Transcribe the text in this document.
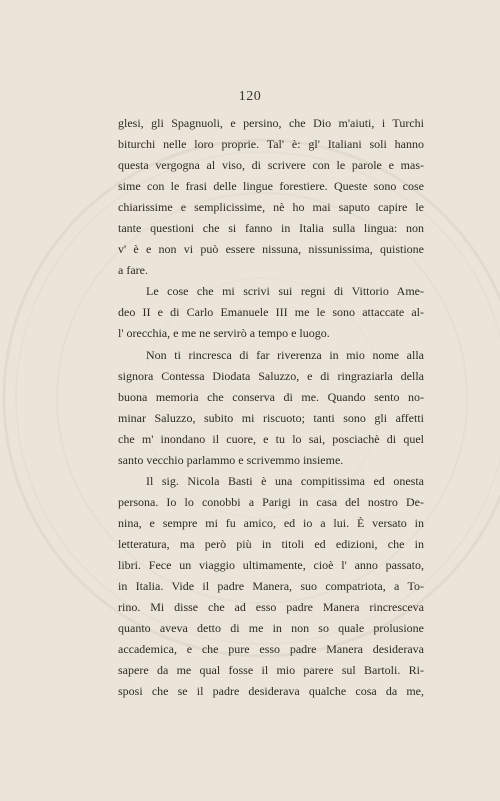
120

glesi, gli Spagnuoli, e persino, che Dio m'aiuti, i Turchi
biturchi nelle loro proprie. Tal' è: gl' Italiani soli hanno
questa vergogna al viso, di scrivere con le parole e mas-
sime con le frasi delle lingue forestiere. Queste sono cose
chiarissime e semplicissime, nè ho mai saputo capire le
tante questioni che si fanno in Italia sulla lingua: non
v' è e non vi può essere nissuna, nissunissima, quistione
a fare.

Le cose che mi scrivi sui regni di Vittorio Ame-
deo II e di Carlo Emanuele III me le sono attaccate al-
l' orecchia, e me ne servirò a tempo e luogo.

Non ti rincresca di far riverenza in mio nome alla
signora Contessa Diodata Saluzzo, e di ringraziarla della
buona memoria che conserva di me. Quando sento no-
minar Saluzzo, subito mi riscuoto; tanti sono gli affetti
che m' inondano il cuore, e tu lo sai, posciachè di quel
santo vecchio parlammo e scrivemmo insieme.

Il sig. Nicola Basti è una compitissima ed onesta
persona. Io lo conobbi a Parigi in casa del nostro De-
nina, e sempre mi fu amico, ed io a lui. È versato in
letteratura, ma però più in titoli ed edizioni, che in
libri. Fece un viaggio ultimamente, cioè l' anno passato,
in Italia. Vide il padre Manera, suo compatriota, a To-
rino. Mi disse che ad esso padre Manera rincresceva
quanto aveva detto di me in non so quale prolusione
accademica, e che pure esso padre Manera desiderava
sapere da me qual fosse il mio parere sul Bartoli. Ri-
sposi che se il padre desiderava qualche cosa da me,
